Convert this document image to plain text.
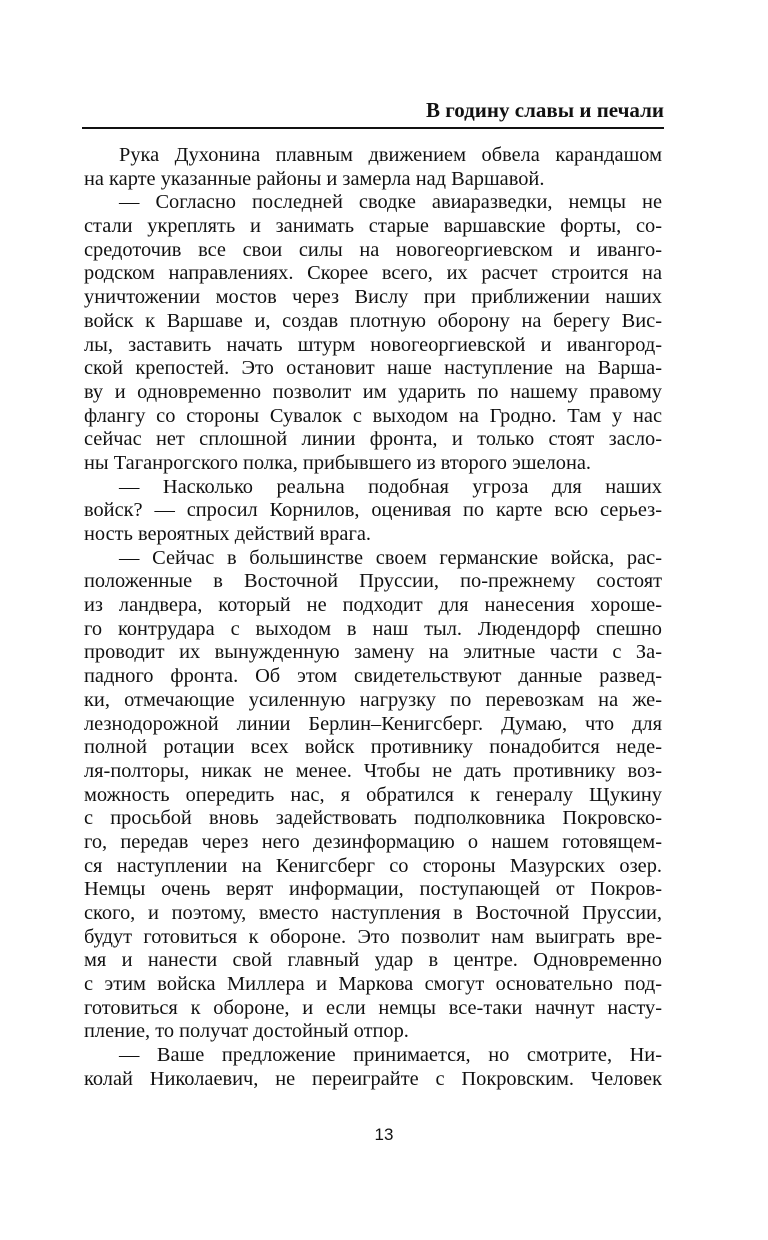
В годину славы и печали
Рука Духонина плавным движением обвела карандашом
на карте указанные районы и замерла над Варшавой.
— Согласно последней сводке авиаразведки, немцы не
стали укреплять и занимать старые варшавские форты, со-
средоточив все свои силы на новогеоргиевском и иванго-
родском направлениях. Скорее всего, их расчет строится на
уничтожении мостов через Вислу при приближении наших
войск к Варшаве и, создав плотную оборону на берегу Вис-
лы, заставить начать штурм новогеоргиевской и ивангород-
ской крепостей. Это остановит наше наступление на Варша-
ву и одновременно позволит им ударить по нашему правому
флангу со стороны Сувалок с выходом на Гродно. Там у нас
сейчас нет сплошной линии фронта, и только стоят засло-
ны Таганрогского полка, прибывшего из второго эшелона.
— Насколько реальна подобная угроза для наших
войск? — спросил Корнилов, оценивая по карте всю серьез-
ность вероятных действий врага.
— Сейчас в большинстве своем германские войска, рас-
положенные в Восточной Пруссии, по-прежнему состоят
из ландвера, который не подходит для нанесения хороше-
го контрудара с выходом в наш тыл. Людендорф спешно
проводит их вынужденную замену на элитные части с За-
падного фронта. Об этом свидетельствуют данные развед-
ки, отмечающие усиленную нагрузку по перевозкам на же-
лезнодорожной линии Берлин–Кенигсберг. Думаю, что для
полной ротации всех войск противнику понадобится неде-
ля-полторы, никак не менее. Чтобы не дать противнику воз-
можность опередить нас, я обратился к генералу Щукину
с просьбой вновь задействовать подполковника Покровско-
го, передав через него дезинформацию о нашем готовящем-
ся наступлении на Кенигсберг со стороны Мазурских озер.
Немцы очень верят информации, поступающей от Покров-
ского, и поэтому, вместо наступления в Восточной Пруссии,
будут готовиться к обороне. Это позволит нам выиграть вре-
мя и нанести свой главный удар в центре. Одновременно
с этим войска Миллера и Маркова смогут основательно под-
готовиться к обороне, и если немцы все-таки начнут насту-
пление, то получат достойный отпор.
— Ваше предложение принимается, но смотрите, Ни-
колай Николаевич, не переиграйте с Покровским. Человек
13
